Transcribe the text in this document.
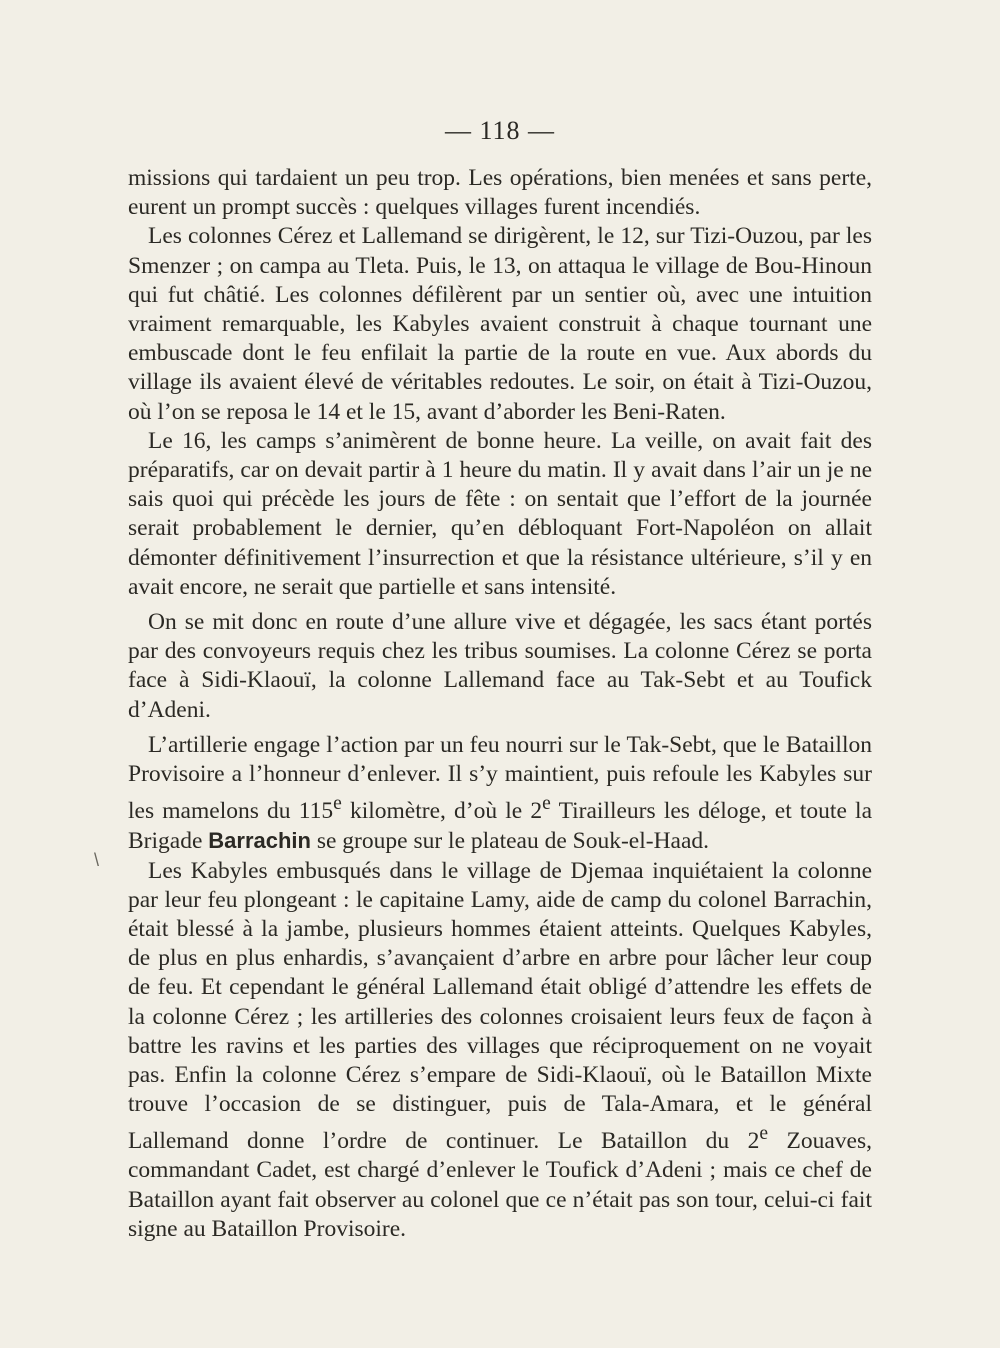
— 118 —
\

missions qui tardaient un peu trop. Les opérations, bien menées et sans perte, eurent un prompt succès : quelques villages furent incendiés.

Les colonnes Cérez et Lallemand se dirigèrent, le 12, sur Tizi-Ouzou, par les Smenzer ; on campa au Tleta. Puis, le 13, on attaqua le village de Bou-Hinoun qui fut châtié. Les colonnes défilèrent par un sentier où, avec une intuition vraiment remarquable, les Kabyles avaient construit à chaque tournant une embuscade dont le feu enfilait la partie de la route en vue. Aux abords du village ils avaient élevé de véritables redoutes. Le soir, on était à Tizi-Ouzou, où l’on se reposa le 14 et le 15, avant d’aborder les Beni-Raten.

Le 16, les camps s’animèrent de bonne heure. La veille, on avait fait des préparatifs, car on devait partir à 1 heure du matin. Il y avait dans l’air un je ne sais quoi qui précède les jours de fête : on sentait que l’effort de la journée serait probablement le dernier, qu’en débloquant Fort-Napoléon on allait démonter définitivement l’insurrection et que la résistance ultérieure, s’il y en avait encore, ne serait que partielle et sans intensité.

On se mit donc en route d’une allure vive et dégagée, les sacs étant portés par des convoyeurs requis chez les tribus soumises. La colonne Cérez se porta face à Sidi-Klaouï, la colonne Lallemand face au Tak-Sebt et au Toufick d’Adeni.

L’artillerie engage l’action par un feu nourri sur le Tak-Sebt, que le Bataillon Provisoire a l’honneur d’enlever. Il s’y maintient, puis refoule les Kabyles sur les mamelons du 115e kilomètre, d’où le 2e Tirailleurs les déloge, et toute la Brigade Barrachin se groupe sur le plateau de Souk-el-Haad.

Les Kabyles embusqués dans le village de Djemaa inquiétaient la colonne par leur feu plongeant : le capitaine Lamy, aide de camp du colonel Barrachin, était blessé à la jambe, plusieurs hommes étaient atteints. Quelques Kabyles, de plus en plus enhardis, s’avançaient d’arbre en arbre pour lâcher leur coup de feu. Et cependant le général Lallemand était obligé d’attendre les effets de la colonne Cérez ; les artilleries des colonnes croisaient leurs feux de façon à battre les ravins et les parties des villages que réciproquement on ne voyait pas. Enfin la colonne Cérez s’empare de Sidi-Klaouï, où le Bataillon Mixte trouve l’occasion de se distinguer, puis de Tala-Amara, et le général Lallemand donne l’ordre de continuer. Le Bataillon du 2e Zouaves, commandant Cadet, est chargé d’enlever le Toufick d’Adeni ; mais ce chef de Bataillon ayant fait observer au colonel que ce n’était pas son tour, celui-ci fait signe au Bataillon Provisoire.
